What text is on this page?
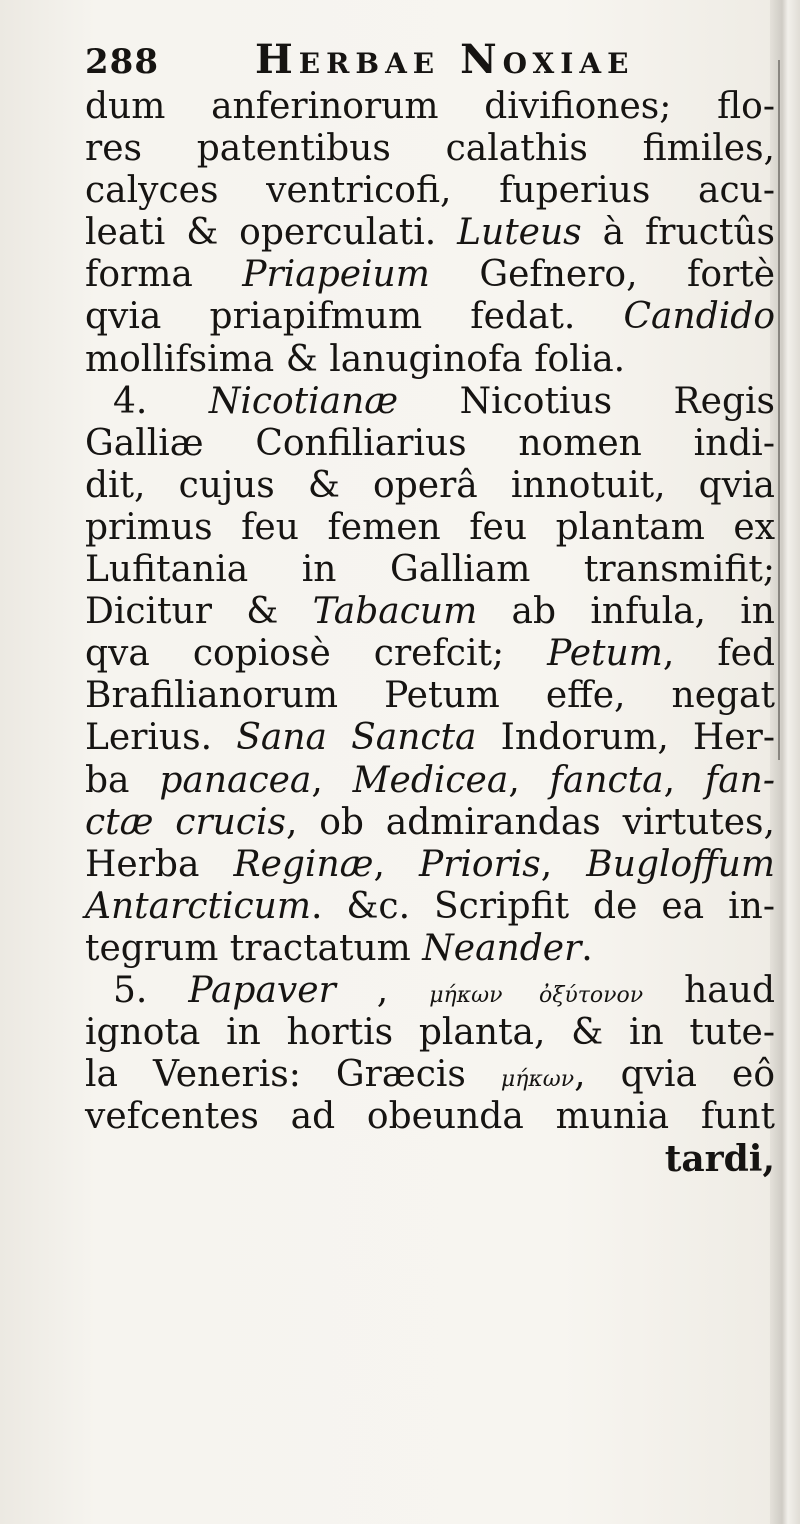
288 Herbae Noxiae
dum anferinorum divifiones; flo-
res patentibus calathis fimiles,
calyces ventricofi, fuperius acu-
leati & operculati. Luteus à fructûs
forma Priapeium Gefnero, fortè
qvia priapifmum fedat. Candido
mollifsima & lanuginofa folia.
4. Nicotianæ Nicotius Regis
Galliæ Confiliarius nomen indi-
dit, cujus & operâ innotuit, qvia
primus feu femen feu plantam ex
Lufitania in Galliam transmifit;
Dicitur & Tabacum ab infula, in
qva copiosè crefcit; Petum, fed
Brafilianorum Petum effe, negat
Lerius. Sana Sancta Indorum, Her-
ba panacea, Medicea, fancta, fan-
ctæ crucis, ob admirandas virtutes,
Herba Reginæ, Prioris, Bugloffum
Antarcticum. &c. Scripfit de ea in-
tegrum tractatum Neander.
5. Papaver , μήκων ὀξύτονον haud
ignota in hortis planta, & in tute-
la Veneris: Græcis μήκων, qvia eô
vefcentes ad obeunda munia funt
tardi,
